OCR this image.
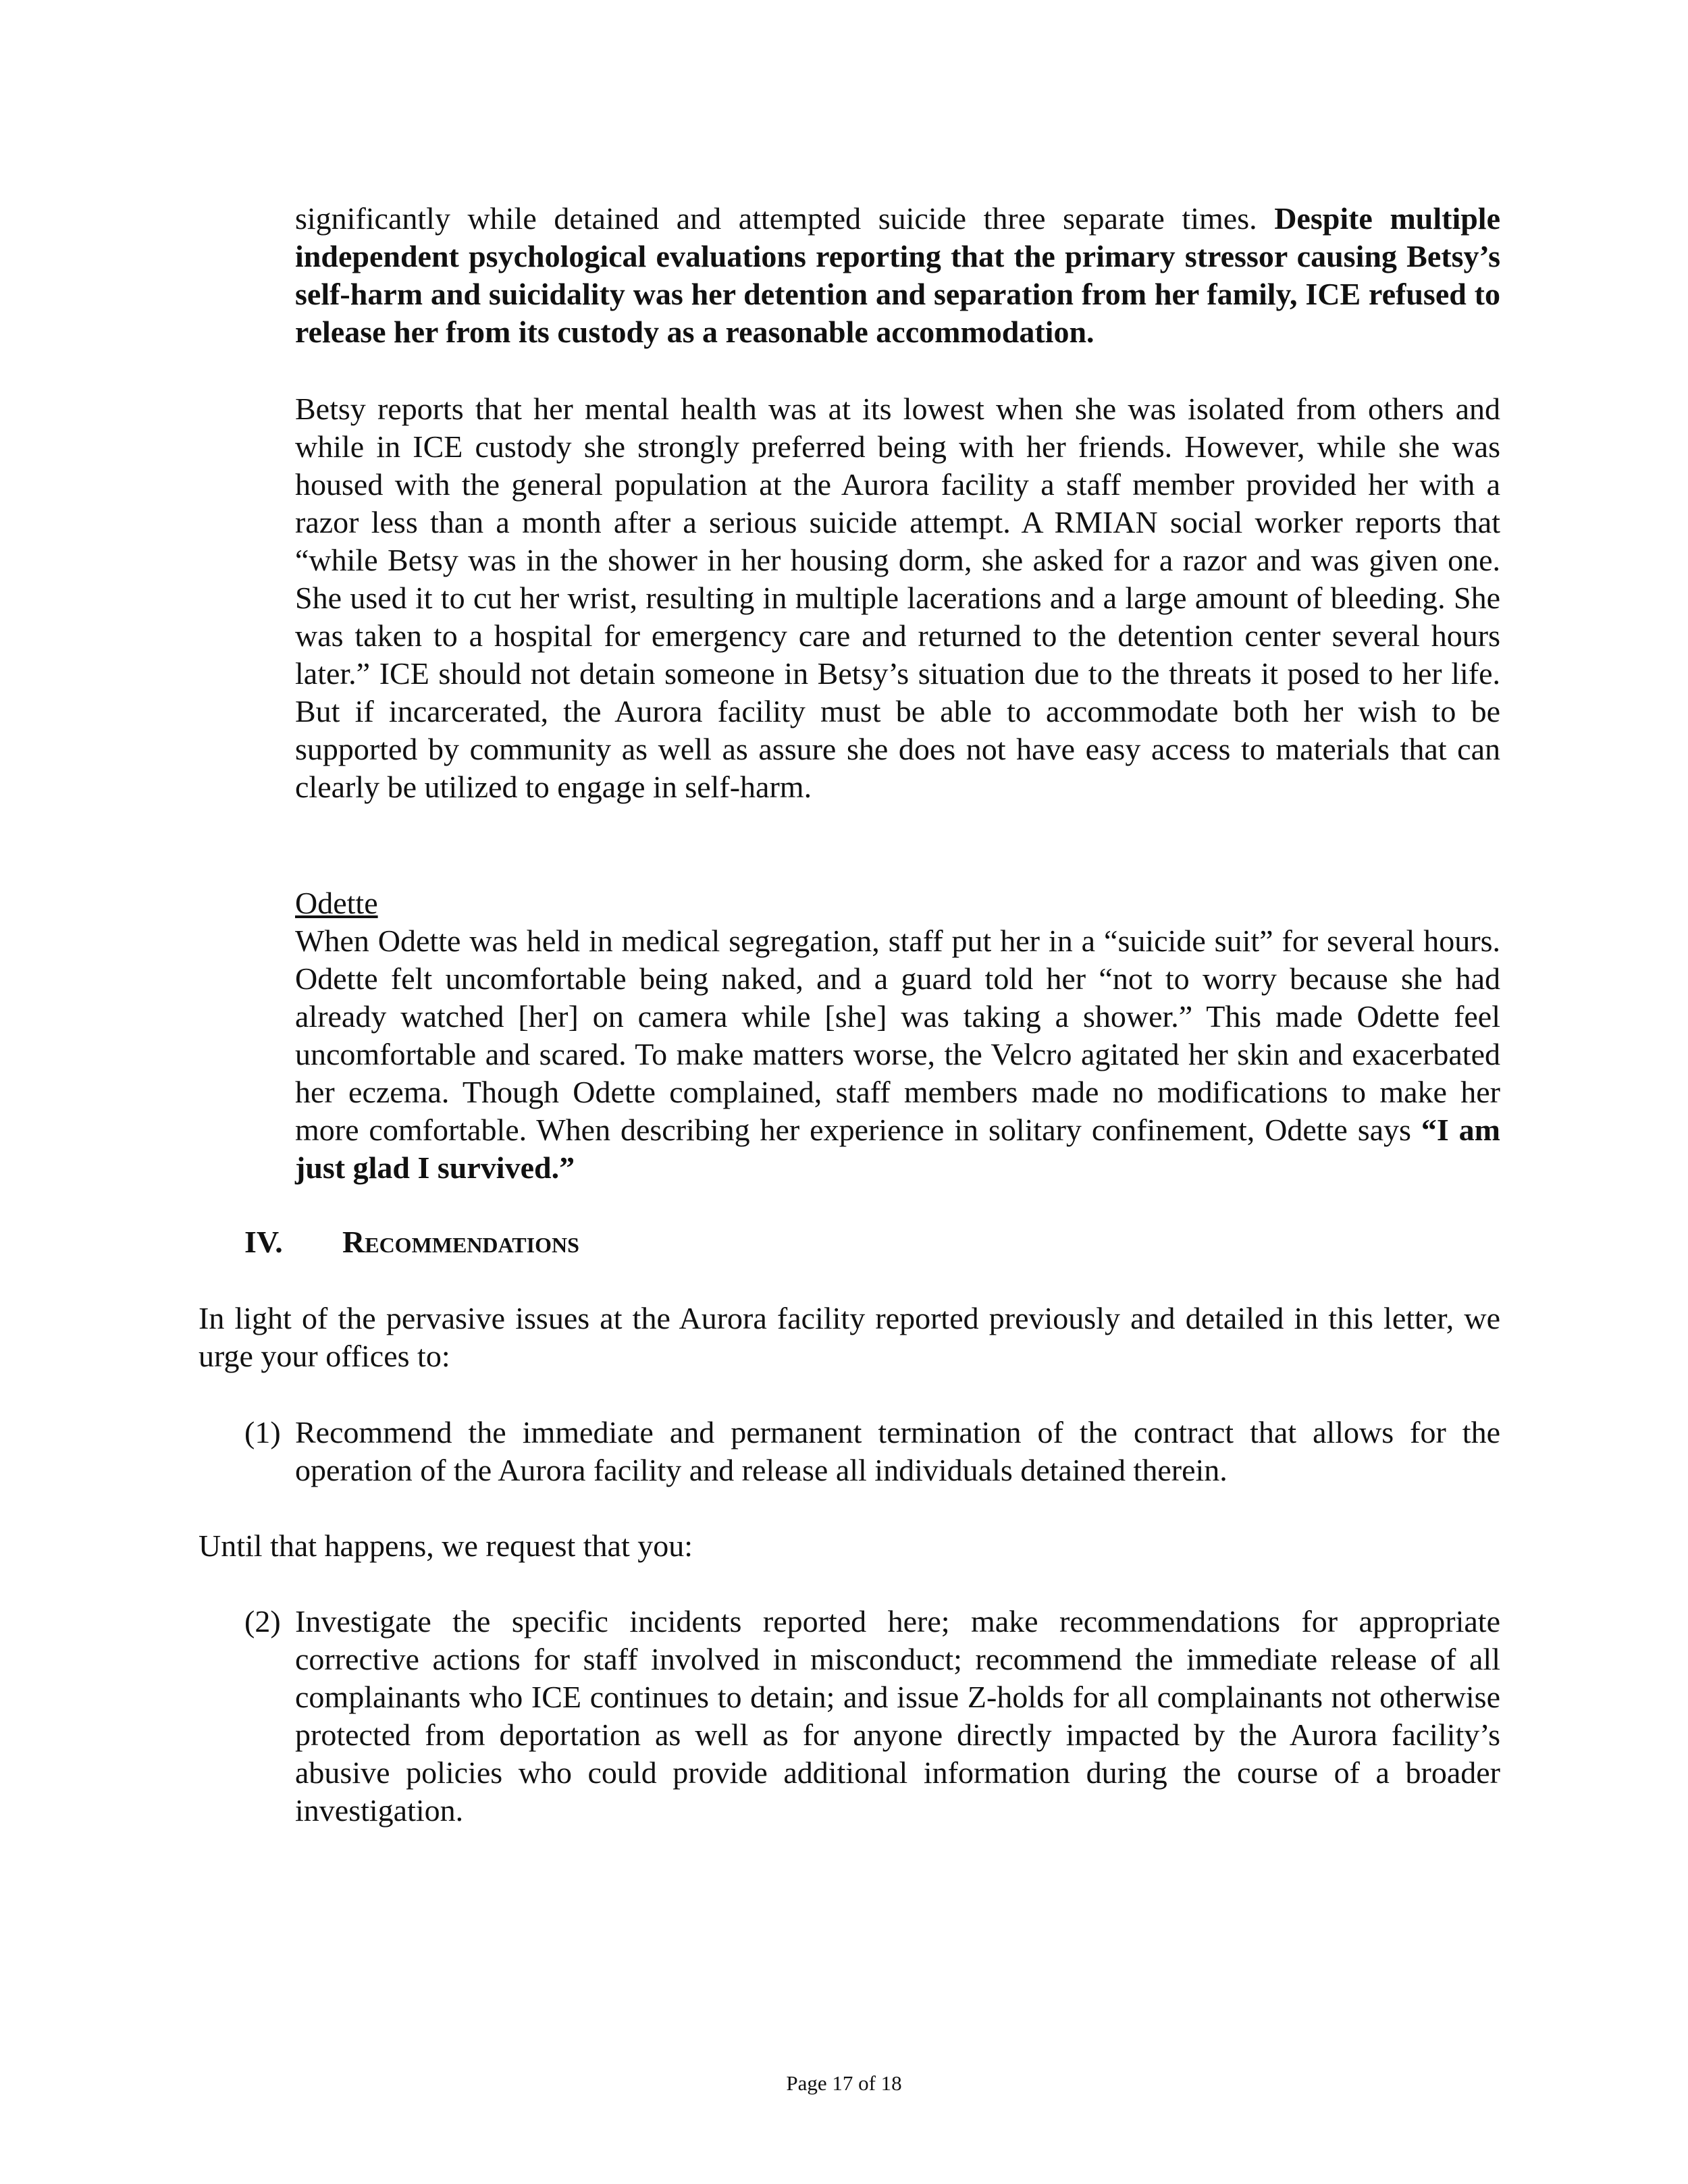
significantly while detained and attempted suicide three separate times. Despite multiple independent psychological evaluations reporting that the primary stressor causing Betsy’s self-harm and suicidality was her detention and separation from her family, ICE refused to release her from its custody as a reasonable accommodation.

Betsy reports that her mental health was at its lowest when she was isolated from others and while in ICE custody she strongly preferred being with her friends. However, while she was housed with the general population at the Aurora facility a staff member provided her with a razor less than a month after a serious suicide attempt. A RMIAN social worker reports that “while Betsy was in the shower in her housing dorm, she asked for a razor and was given one. She used it to cut her wrist, resulting in multiple lacerations and a large amount of bleeding. She was taken to a hospital for emergency care and returned to the detention center several hours later.” ICE should not detain someone in Betsy’s situation due to the threats it posed to her life. But if incarcerated, the Aurora facility must be able to accommodate both her wish to be supported by community as well as assure she does not have easy access to materials that can clearly be utilized to engage in self-harm.

Odette

When Odette was held in medical segregation, staff put her in a “suicide suit” for several hours. Odette felt uncomfortable being naked, and a guard told her “not to worry because she had already watched [her] on camera while [she] was taking a shower.” This made Odette feel uncomfortable and scared. To make matters worse, the Velcro agitated her skin and exacerbated her eczema. Though Odette complained, staff members made no modifications to make her more comfortable. When describing her experience in solitary confinement, Odette says “I am just glad I survived.”

IV. Recommendations

In light of the pervasive issues at the Aurora facility reported previously and detailed in this letter, we urge your offices to:

(1) Recommend the immediate and permanent termination of the contract that allows for the operation of the Aurora facility and release all individuals detained therein.

Until that happens, we request that you:

(2) Investigate the specific incidents reported here; make recommendations for appropriate corrective actions for staff involved in misconduct; recommend the immediate release of all complainants who ICE continues to detain; and issue Z-holds for all complainants not otherwise protected from deportation as well as for anyone directly impacted by the Aurora facility’s abusive policies who could provide additional information during the course of a broader investigation.
Page 17 of 18
